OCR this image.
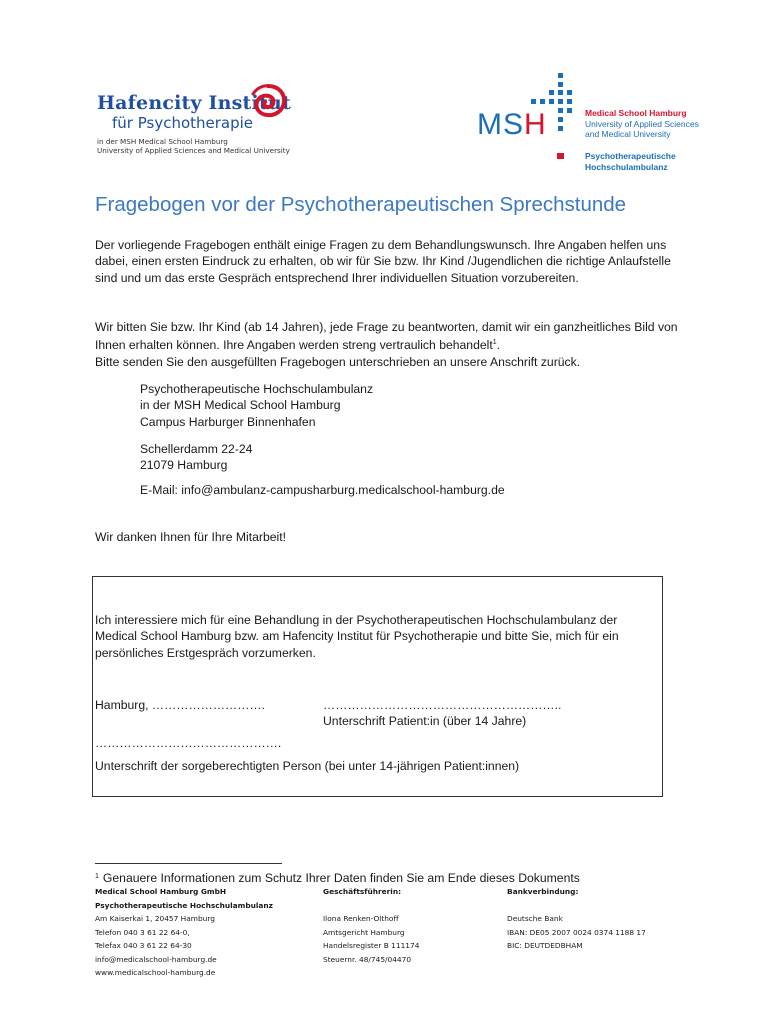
Hafencity Institut
für Psychotherapie
in der MSH Medical School Hamburg
University of Applied Sciences and Medical University
MSH	Medical School Hamburg
University of Applied Sciences
and Medical University
Psychotherapeutische
Hochschulambulanz
Fragebogen vor der Psychotherapeutischen Sprechstunde
Der vorliegende Fragebogen enthält einige Fragen zu dem Behandlungswunsch. Ihre Angaben helfen uns dabei, einen ersten Eindruck zu erhalten, ob wir für Sie bzw. Ihr Kind /Jugendlichen die richtige Anlaufstelle sind und um das erste Gespräch entsprechend Ihrer individuellen Situation vorzubereiten.
Wir bitten Sie bzw. Ihr Kind (ab 14 Jahren), jede Frage zu beantworten, damit wir ein ganzheitliches Bild von Ihnen erhalten können. Ihre Angaben werden streng vertraulich behandelt$^1$.
Bitte senden Sie den ausgefüllten Fragebogen unterschrieben an unsere Anschrift zurück.
Psychotherapeutische Hochschulambulanz
in der MSH Medical School Hamburg
Campus Harburger Binnenhafen
Schellerdamm 22-24
21079 Hamburg
E-Mail: info@ambulanz-campusharburg.medicalschool-hamburg.de
Wir danken Ihnen für Ihre Mitarbeit!
Ich interessiere mich für eine Behandlung in der Psychotherapeutischen Hochschulambulanz der Medical School Hamburg bzw. am Hafencity Institut für Psychotherapie und bitte Sie, mich für ein persönliches Erstgespräch vorzumerken.
Hamburg, ……………………….	…………………………………………………..
Unterschrift Patient:in (über 14 Jahre)
……………………………………….
Unterschrift der sorgeberechtigten Person (bei unter 14-jährigen Patient:innen)
$^1$ Genauere Informationen zum Schutz Ihrer Daten finden Sie am Ende dieses Dokuments
Medical School Hamburg GmbH
Psychotherapeutische Hochschulambulanz
Am Kaiserkai 1, 20457 Hamburg
Telefon 040 3 61 22 64-0,
Telefax 040 3 61 22 64-30
info@medicalschool-hamburg.de
www.medicalschool-hamburg.de
Geschäftsführerin:
Ilona Renken-Olthoff
Amtsgericht Hamburg
Handelsregister B 111174
Steuernr. 48/745/04470
Bankverbindung:
Deutsche Bank
IBAN: DE05 2007 0024 0374 1188 17
BIC: DEUTDEDBHAM
